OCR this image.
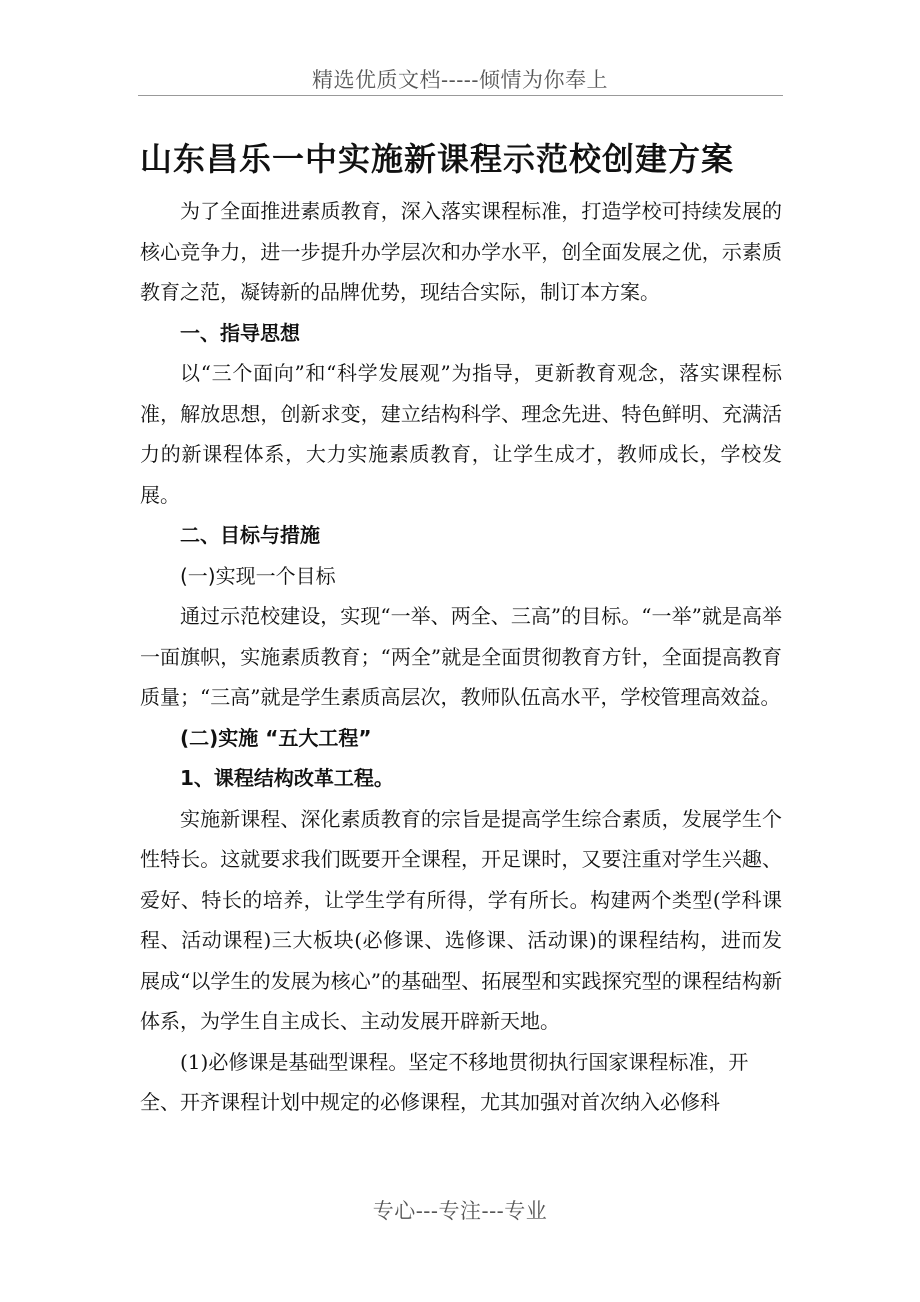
精选优质文档-----倾情为你奉上
山东昌乐一中实施新课程示范校创建方案

为了全面推进素质教育，深入落实课程标准，打造学校可持续发展的核心竞争力，进一步提升办学层次和办学水平，创全面发展之优，示素质教育之范，凝铸新的品牌优势，现结合实际，制订本方案。

一、指导思想

以“三个面向”和“科学发展观”为指导，更新教育观念，落实课程标准，解放思想，创新求变，建立结构科学、理念先进、特色鲜明、充满活力的新课程体系，大力实施素质教育，让学生成才，教师成长，学校发展。

二、目标与措施

(一)实现一个目标

通过示范校建设，实现“一举、两全、三高”的目标。“一举”就是高举一面旗帜，实施素质教育；“两全”就是全面贯彻教育方针，全面提高教育质量；“三高”就是学生素质高层次，教师队伍高水平，学校管理高效益。

(二)实施 “五大工程”

1、课程结构改革工程。

实施新课程、深化素质教育的宗旨是提高学生综合素质，发展学生个性特长。这就要求我们既要开全课程，开足课时，又要注重对学生兴趣、爱好、特长的培养，让学生学有所得，学有所长。构建两个类型(学科课程、活动课程)三大板块(必修课、选修课、活动课)的课程结构，进而发展成“以学生的发展为核心”的基础型、拓展型和实践探究型的课程结构新体系，为学生自主成长、主动发展开辟新天地。

(1)必修课是基础型课程。坚定不移地贯彻执行国家课程标准，开全、开齐课程计划中规定的必修课程，尤其加强对首次纳入必修科

专心---专注---专业
